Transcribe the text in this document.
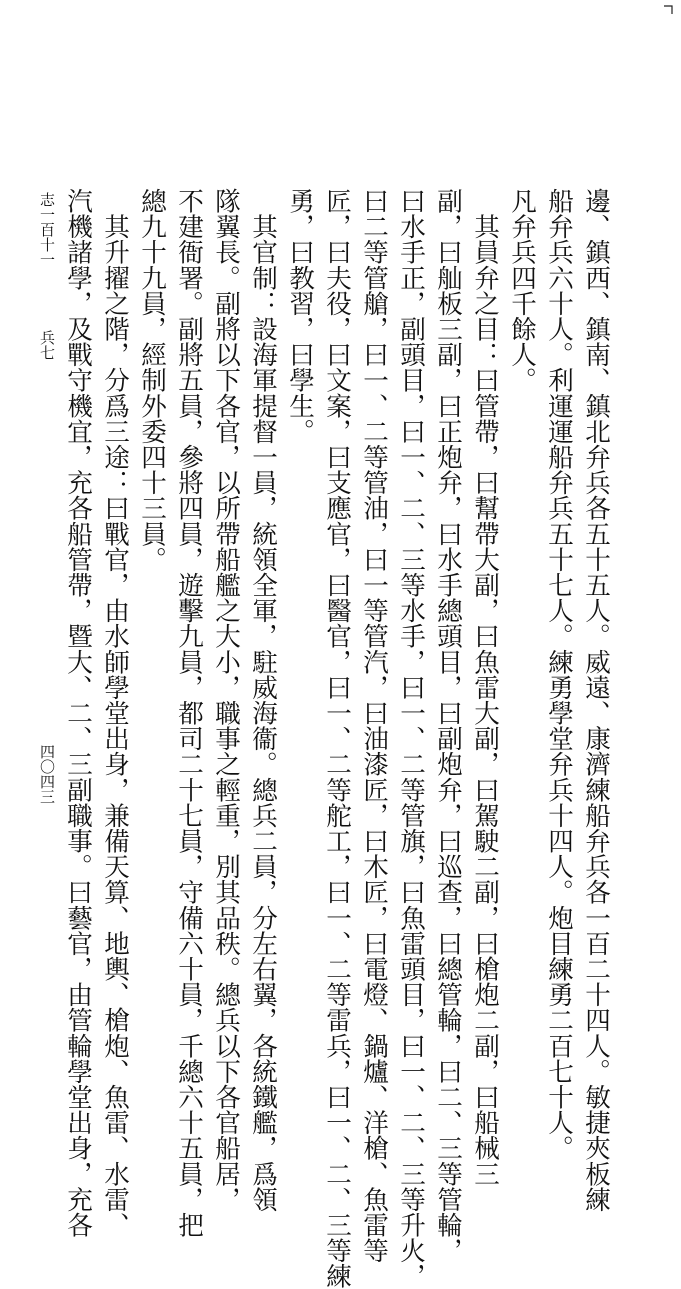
邊、鎮西、鎮南、鎮北弁兵各五十五人。威遠、康濟練船弁兵各一百二十四人。敏捷夾板練
船弁兵六十人。利運運船弁兵五十七人。練勇學堂弁兵十四人。炮目練勇二百七十人。
凡弁兵四千餘人。
　其員弁之目：曰管帶，曰幫帶大副，曰魚雷大副，曰駕駛二副，曰槍炮二副，曰船械三
副，曰舢板三副，曰正炮弁，曰水手總頭目，曰副炮弁，曰巡查，曰總管輪，曰二、三等管輪，
曰水手正，副頭目，曰一、二、三等水手，曰一、二等管旗，曰魚雷頭目，曰一、二、三等升火，
曰二等管艙，曰一、二等管油，曰一等管汽，曰油漆匠，曰木匠，曰電燈、鍋爐、洋槍、魚雷等
匠，曰夫役，曰文案，曰支應官，曰醫官，曰一、二等舵工，曰一、二等雷兵，曰一、二、三等練
勇，曰教習，曰學生。
　其官制：設海軍提督一員，統領全軍，駐威海衞。總兵二員，分左右翼，各統鐵艦，爲領
隊翼長。副將以下各官，以所帶船艦之大小，職事之輕重，別其品秩。總兵以下各官船居，
不建衙署。副將五員，參將四員，遊擊九員，都司二十七員，守備六十員，千總六十五員，把
總九十九員，經制外委四十三員。
　其升擢之階，分爲三途：曰戰官，由水師學堂出身，兼備天算、地輿、槍炮、魚雷、水雷、
汽機諸學，及戰守機宜，充各船管帶，暨大、二、三副職事。曰藝官，由管輪學堂出身，充各
志一百十一
兵七
四〇四三
